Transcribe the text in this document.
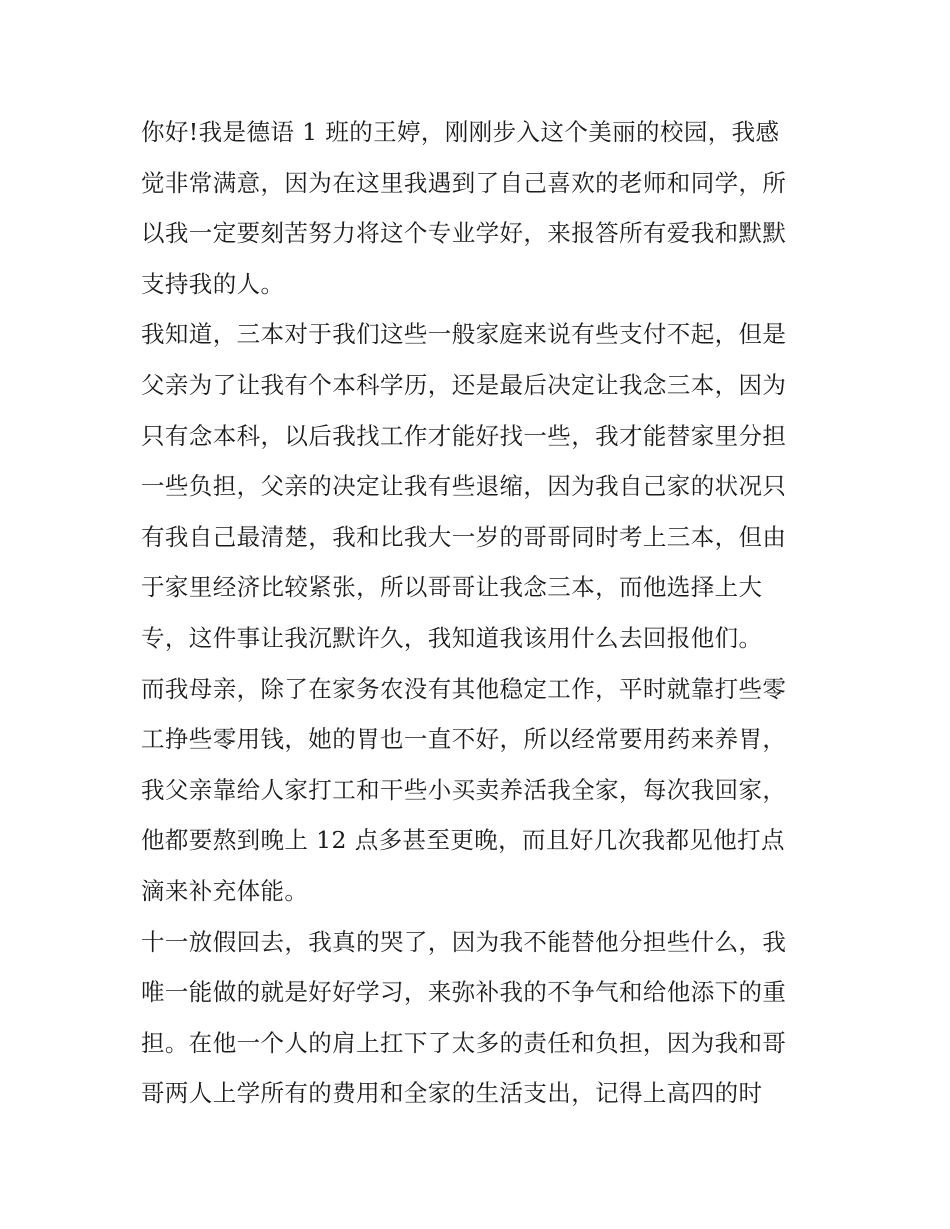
你好!我是德语 1 班的王婷，刚刚步入这个美丽的校园，我感
觉非常满意，因为在这里我遇到了自己喜欢的老师和同学，所
以我一定要刻苦努力将这个专业学好，来报答所有爱我和默默
支持我的人。

我知道，三本对于我们这些一般家庭来说有些支付不起，但是
父亲为了让我有个本科学历，还是最后决定让我念三本，因为
只有念本科，以后我找工作才能好找一些，我才能替家里分担
一些负担，父亲的决定让我有些退缩，因为我自己家的状况只
有我自己最清楚，我和比我大一岁的哥哥同时考上三本，但由
于家里经济比较紧张，所以哥哥让我念三本，而他选择上大
专，这件事让我沉默许久，我知道我该用什么去回报他们。

而我母亲，除了在家务农没有其他稳定工作，平时就靠打些零
工挣些零用钱，她的胃也一直不好，所以经常要用药来养胃，
我父亲靠给人家打工和干些小买卖养活我全家，每次我回家，
他都要熬到晚上 12 点多甚至更晚，而且好几次我都见他打点
滴来补充体能。

十一放假回去，我真的哭了，因为我不能替他分担些什么，我
唯一能做的就是好好学习，来弥补我的不争气和给他添下的重
担。在他一个人的肩上扛下了太多的责任和负担，因为我和哥
哥两人上学所有的费用和全家的生活支出，记得上高四的时
